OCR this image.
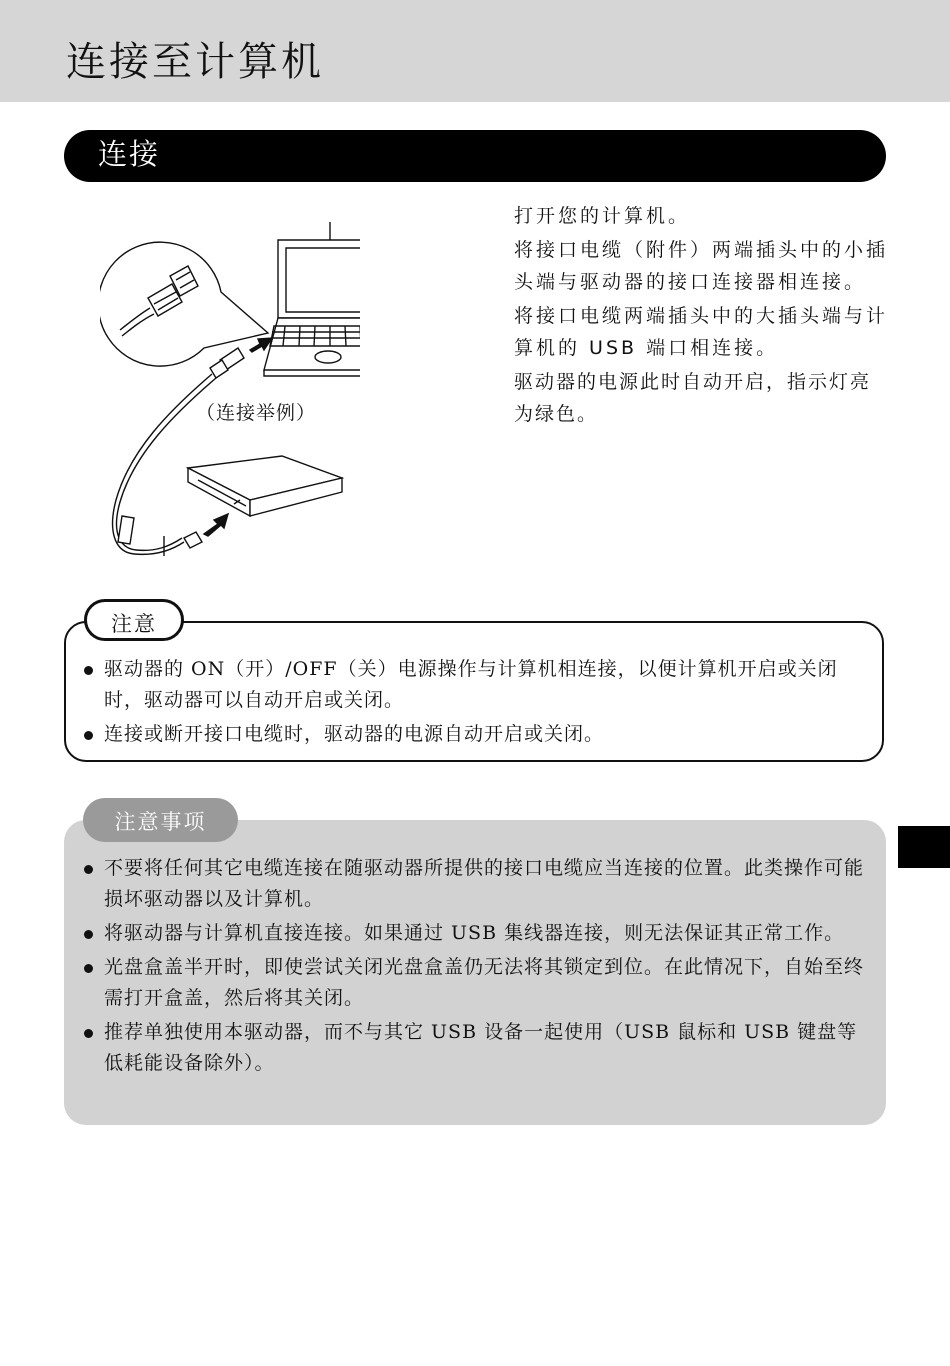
连接至计算机
连接
（连接举例）

打开您的计算机。

将接口电缆（附件）两端插头中的小插头端与驱动器的接口连接器相连接。

将接口电缆两端插头中的大插头端与计算机的 USB 端口相连接。

驱动器的电源此时自动开启，指示灯亮为绿色。

注意
驱动器的 ON（开）/OFF（关）电源操作与计算机相连接，以便计算机开启或关闭时，驱动器可以自动开启或关闭。
连接或断开接口电缆时，驱动器的电源自动开启或关闭。
注意事项
不要将任何其它电缆连接在随驱动器所提供的接口电缆应当连接的位置。此类操作可能损坏驱动器以及计算机。
将驱动器与计算机直接连接。如果通过 USB 集线器连接，则无法保证其正常工作。
光盘盒盖半开时，即使尝试关闭光盘盒盖仍无法将其锁定到位。在此情况下，自始至终需打开盒盖，然后将其关闭。
推荐单独使用本驱动器，而不与其它 USB 设备一起使用（USB 鼠标和 USB 键盘等低耗能设备除外）。
